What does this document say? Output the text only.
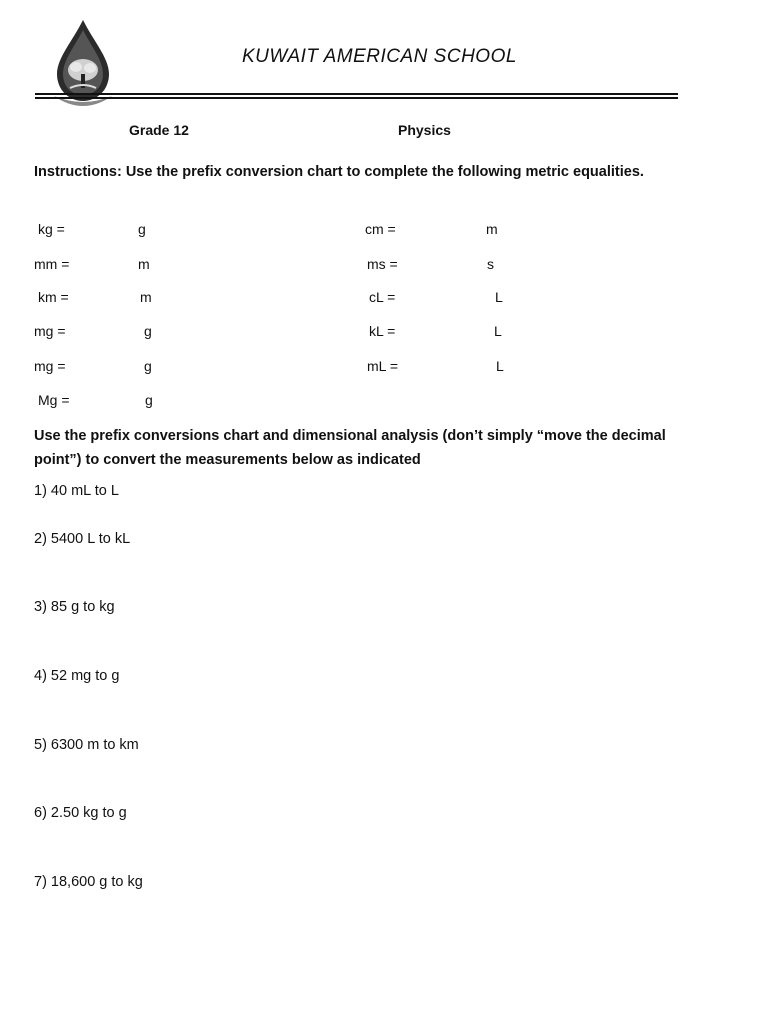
KUWAIT AMERICAN SCHOOL
Grade 12	Physics
Instructions: Use the prefix conversion chart to complete the following metric equalities.
kg =	g
mm =	m
km =	m
mg =	g
mg =	g
Mg =	g
cm =	m
ms =	s
cL =	L
kL =	L
mL =	L
Use the prefix conversions chart and dimensional analysis (don’t simply “move the decimal point”) to convert the measurements below as indicated
1) 40 mL to L
2) 5400 L to kL
3) 85 g to kg
4) 52 mg to g
5) 6300 m to km
6) 2.50 kg to g
7) 18,600 g to kg
